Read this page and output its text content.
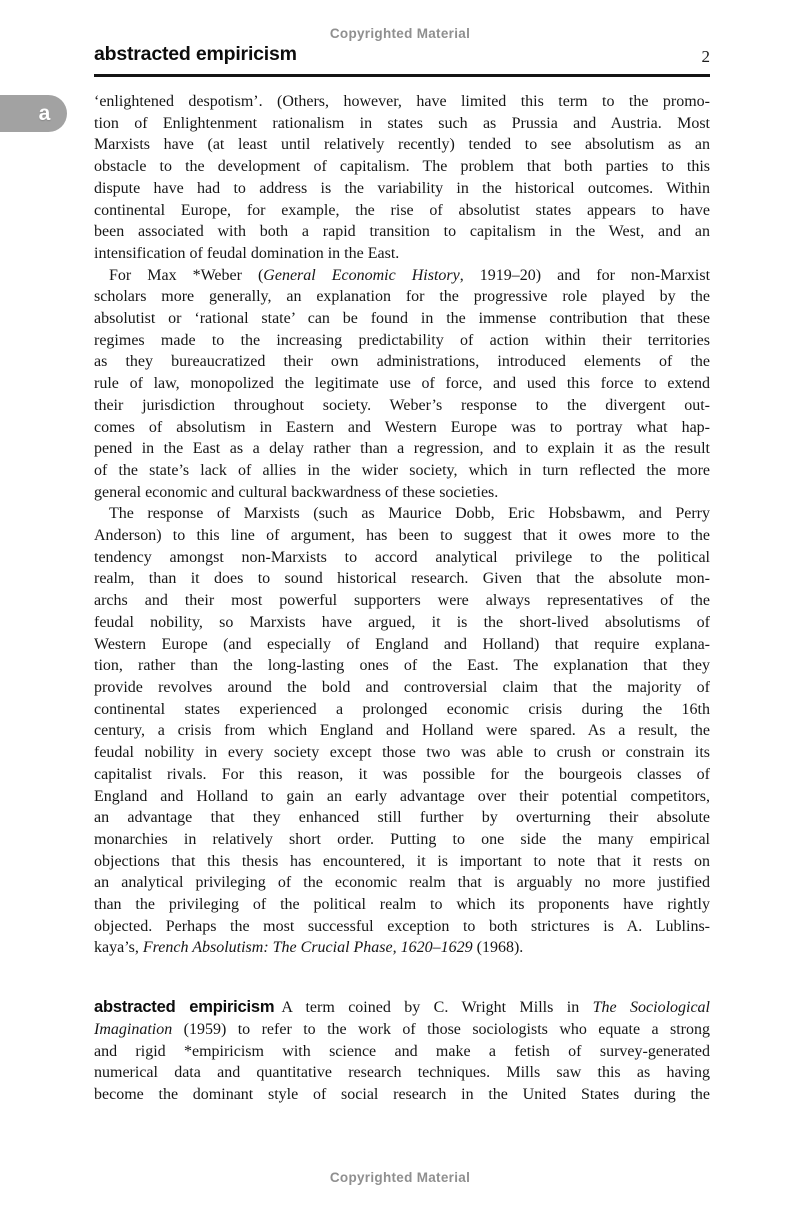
Copyrighted Material
abstracted empiricism	2
a
‘enlightened despotism’. (Others, however, have limited this term to the promo-
tion of Enlightenment rationalism in states such as Prussia and Austria. Most
Marxists have (at least until relatively recently) tended to see absolutism as an
obstacle to the development of capitalism. The problem that both parties to this
dispute have had to address is the variability in the historical outcomes. Within
continental Europe, for example, the rise of absolutist states appears to have
been associated with both a rapid transition to capitalism in the West, and an
intensification of feudal domination in the East.
For Max *Weber (General Economic History, 1919–20) and for non-Marxist
scholars more generally, an explanation for the progressive role played by the
absolutist or ‘rational state’ can be found in the immense contribution that these
regimes made to the increasing predictability of action within their territories
as they bureaucratized their own administrations, introduced elements of the
rule of law, monopolized the legitimate use of force, and used this force to extend
their jurisdiction throughout society. Weber’s response to the divergent out-
comes of absolutism in Eastern and Western Europe was to portray what hap-
pened in the East as a delay rather than a regression, and to explain it as the result
of the state’s lack of allies in the wider society, which in turn reflected the more
general economic and cultural backwardness of these societies.
The response of Marxists (such as Maurice Dobb, Eric Hobsbawm, and Perry
Anderson) to this line of argument, has been to suggest that it owes more to the
tendency amongst non-Marxists to accord analytical privilege to the political
realm, than it does to sound historical research. Given that the absolute mon-
archs and their most powerful supporters were always representatives of the
feudal nobility, so Marxists have argued, it is the short-lived absolutisms of
Western Europe (and especially of England and Holland) that require explana-
tion, rather than the long-lasting ones of the East. The explanation that they
provide revolves around the bold and controversial claim that the majority of
continental states experienced a prolonged economic crisis during the 16th
century, a crisis from which England and Holland were spared. As a result, the
feudal nobility in every society except those two was able to crush or constrain its
capitalist rivals. For this reason, it was possible for the bourgeois classes of
England and Holland to gain an early advantage over their potential competitors,
an advantage that they enhanced still further by overturning their absolute
monarchies in relatively short order. Putting to one side the many empirical
objections that this thesis has encountered, it is important to note that it rests on
an analytical privileging of the economic realm that is arguably no more justified
than the privileging of the political realm to which its proponents have rightly
objected. Perhaps the most successful exception to both strictures is A. Lublins-
kaya’s, French Absolutism: The Crucial Phase, 1620–1629 (1968).
abstracted empiricism A term coined by C. Wright Mills in The Sociological
Imagination (1959) to refer to the work of those sociologists who equate a strong
and rigid *empiricism with science and make a fetish of survey-generated
numerical data and quantitative research techniques. Mills saw this as having
become the dominant style of social research in the United States during the
Copyrighted Material
